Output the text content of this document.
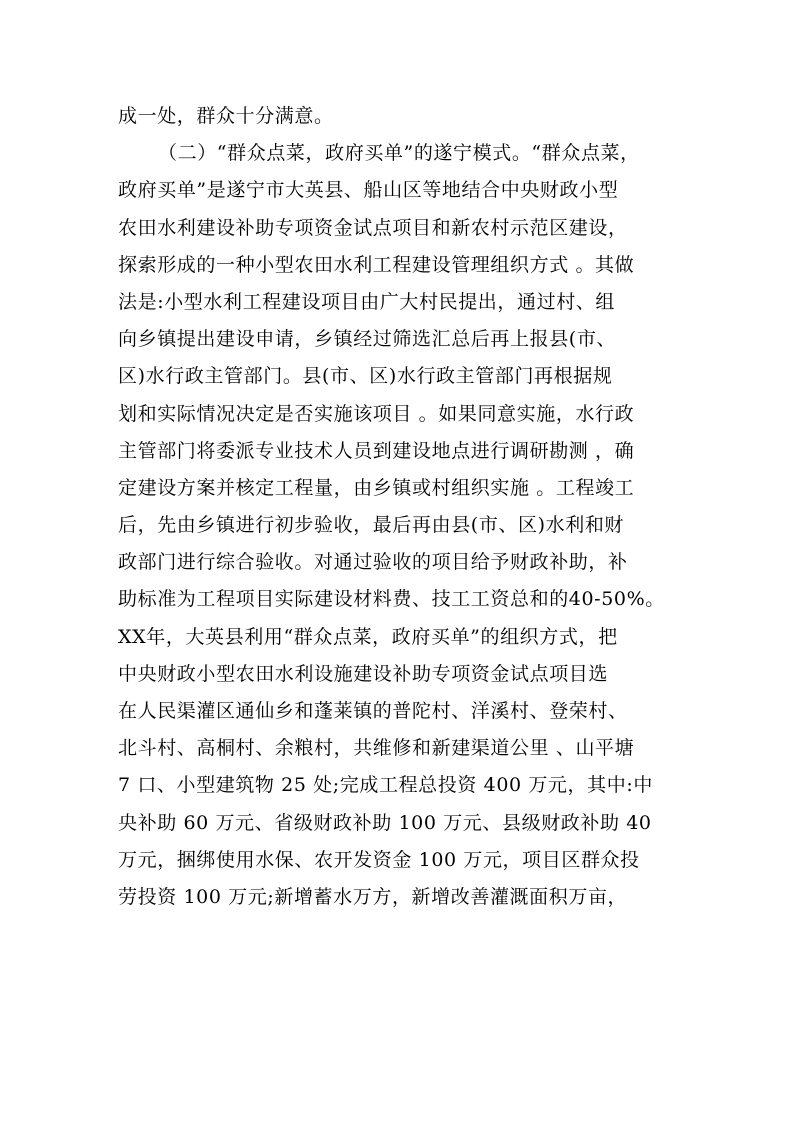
成一处，群众十分满意。
（二）“群众点菜，政府买单”的遂宁模式。“群众点菜，
政府买单”是遂宁市大英县、船山区等地结合中央财政小型
农田水利建设补助专项资金试点项目和新农村示范区建设，
探索形成的一种小型农田水利工程建设管理组织方式 。其做
法是:小型水利工程建设项目由广大村民提出，通过村、组
向乡镇提出建设申请，乡镇经过筛选汇总后再上报县(市、
区)水行政主管部门。县(市、区)水行政主管部门再根据规
划和实际情况决定是否实施该项目 。如果同意实施，水行政
主管部门将委派专业技术人员到建设地点进行调研勘测 ，确
定建设方案并核定工程量，由乡镇或村组织实施 。工程竣工
后，先由乡镇进行初步验收，最后再由县(市、区)水利和财
政部门进行综合验收。对通过验收的项目给予财政补助，补
助标准为工程项目实际建设材料费、技工工资总和的40-50%。
XX年，大英县利用“群众点菜，政府买单”的组织方式，把
中央财政小型农田水利设施建设补助专项资金试点项目选
在人民渠灌区通仙乡和蓬莱镇的普陀村、洋溪村、登荣村、
北斗村、高桐村、余粮村，共维修和新建渠道公里 、山平塘
7 口、小型建筑物 25 处;完成工程总投资 400 万元，其中:中
央补助 60 万元、省级财政补助 100 万元、县级财政补助 40
万元，捆绑使用水保、农开发资金 100 万元，项目区群众投
劳投资 100 万元;新增蓄水万方，新增改善灌溉面积万亩，
